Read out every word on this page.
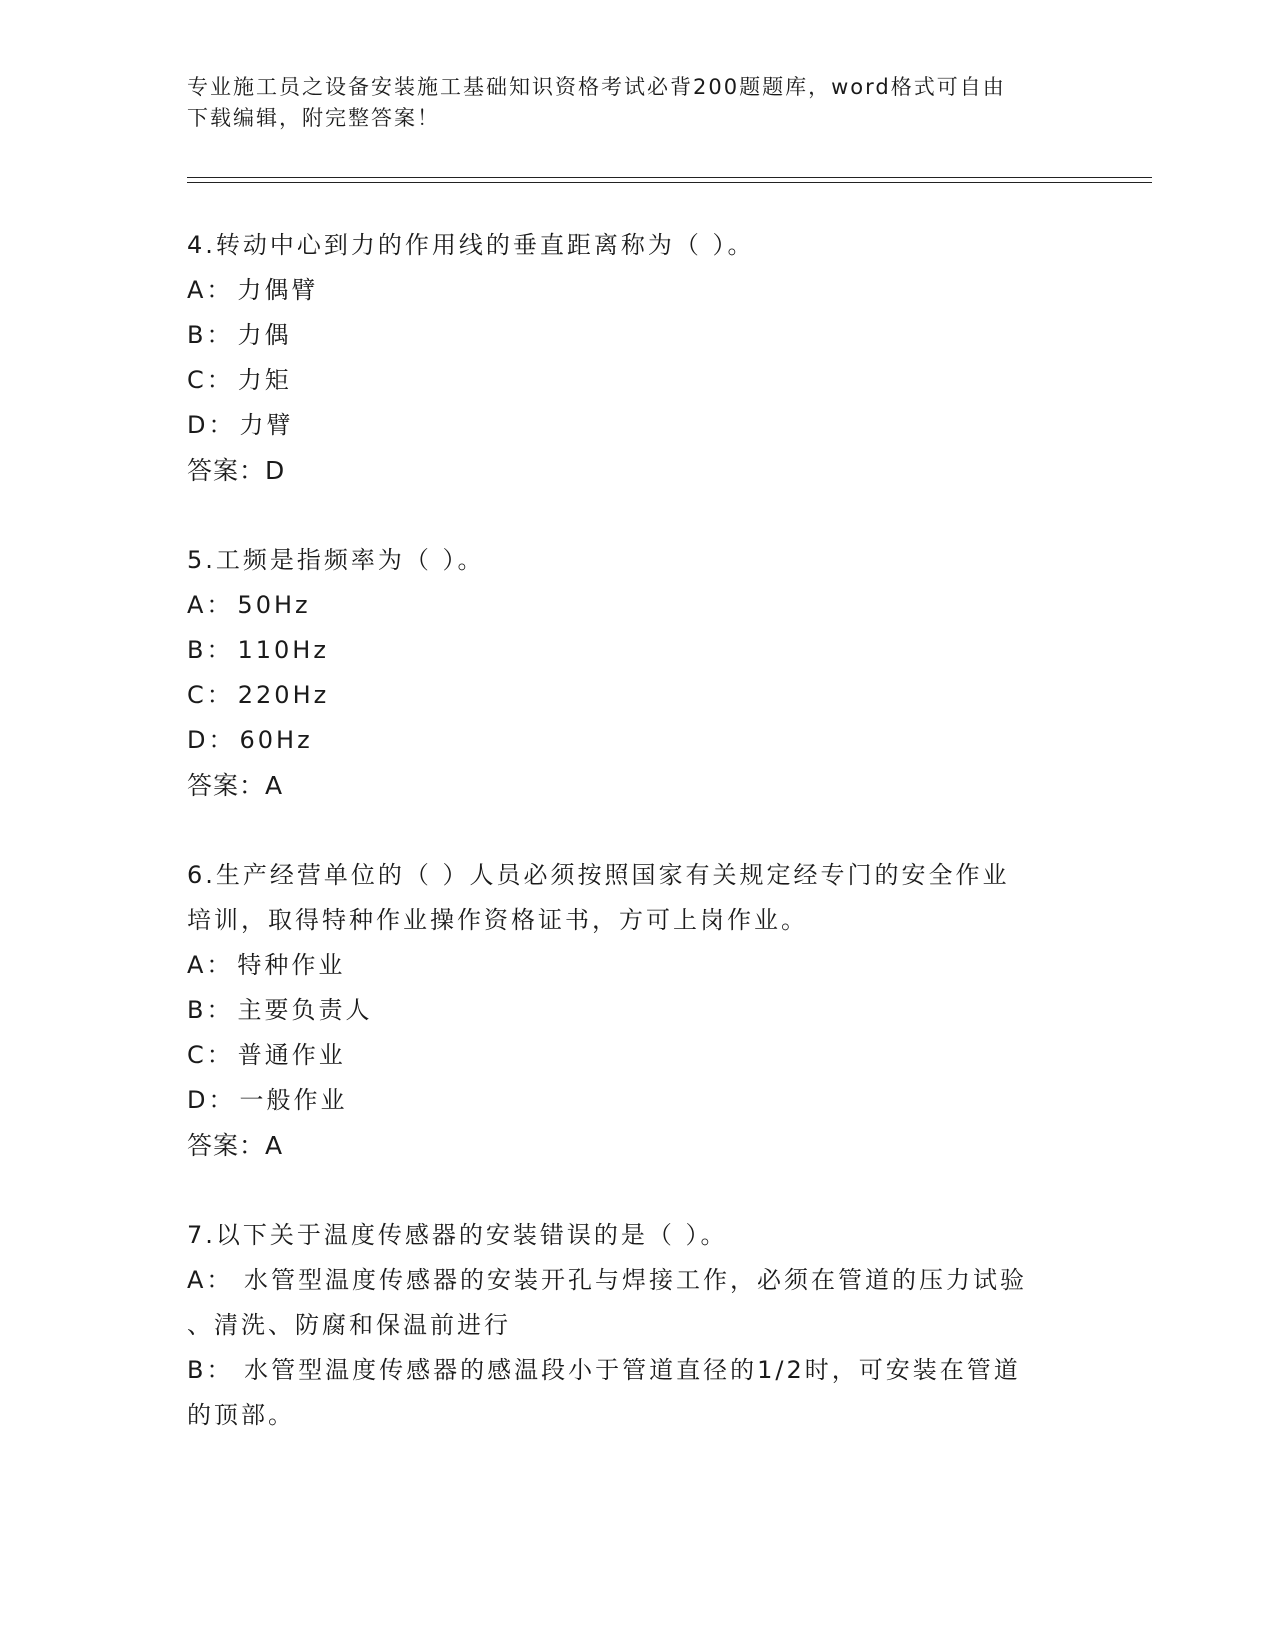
专业施工员之设备安装施工基础知识资格考试必背200题题库，word格式可自由
下载编辑，附完整答案！
4.转动中心到力的作用线的垂直距离称为（ ）。
A： 力偶臂
B： 力偶
C： 力矩
D： 力臂
答案：D
5.工频是指频率为（ ）。
A： 50Hz
B： 110Hz
C： 220Hz
D： 60Hz
答案：A
6.生产经营单位的（ ）人员必须按照国家有关规定经专门的安全作业
培训，取得特种作业操作资格证书，方可上岗作业。
A： 特种作业
B： 主要负责人
C： 普通作业
D： 一般作业
答案：A
7.以下关于温度传感器的安装错误的是（ ）。
A： 水管型温度传感器的安装开孔与焊接工作，必须在管道的压力试验
、清洗、防腐和保温前进行
B： 水管型温度传感器的感温段小于管道直径的1/2时，可安装在管道
的顶部。
